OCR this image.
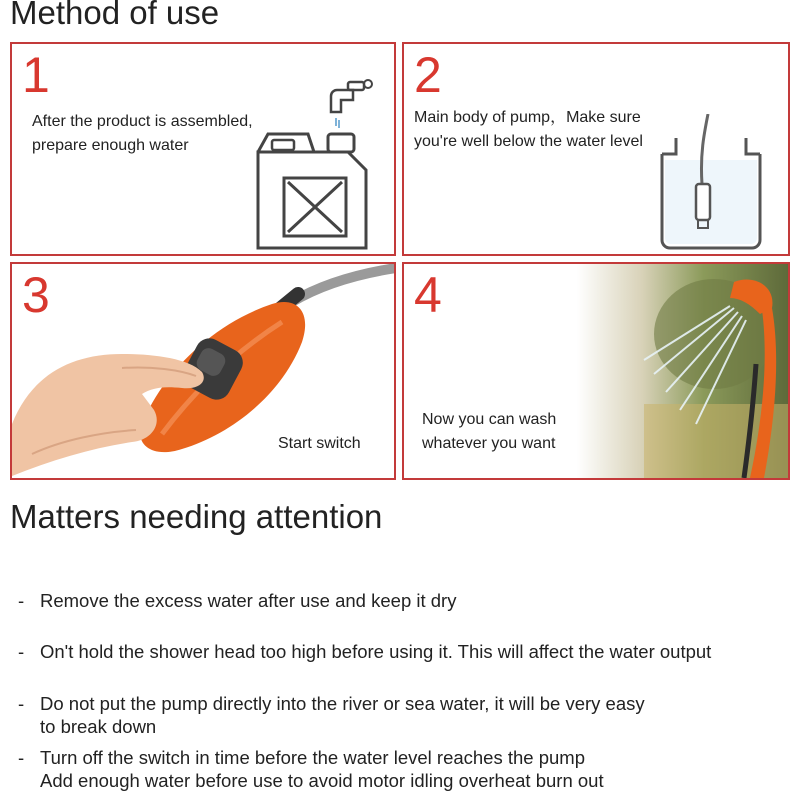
Method of use
1
After the product is assembled,
prepare enough water
2
Main body of pump，Make sure
you're well below the water level
3
Start switch
4
Now you can wash
whatever you want
Matters needing attention
- Remove the excess water after use and keep it dry
- On't hold the shower head too high before using it. This will affect the water output
- Do not put the pump directly into the river or sea water, it will be very easy
to break down
- Turn off the switch in time before the water level reaches the pump
Add enough water before use to avoid motor idling overheat burn out
